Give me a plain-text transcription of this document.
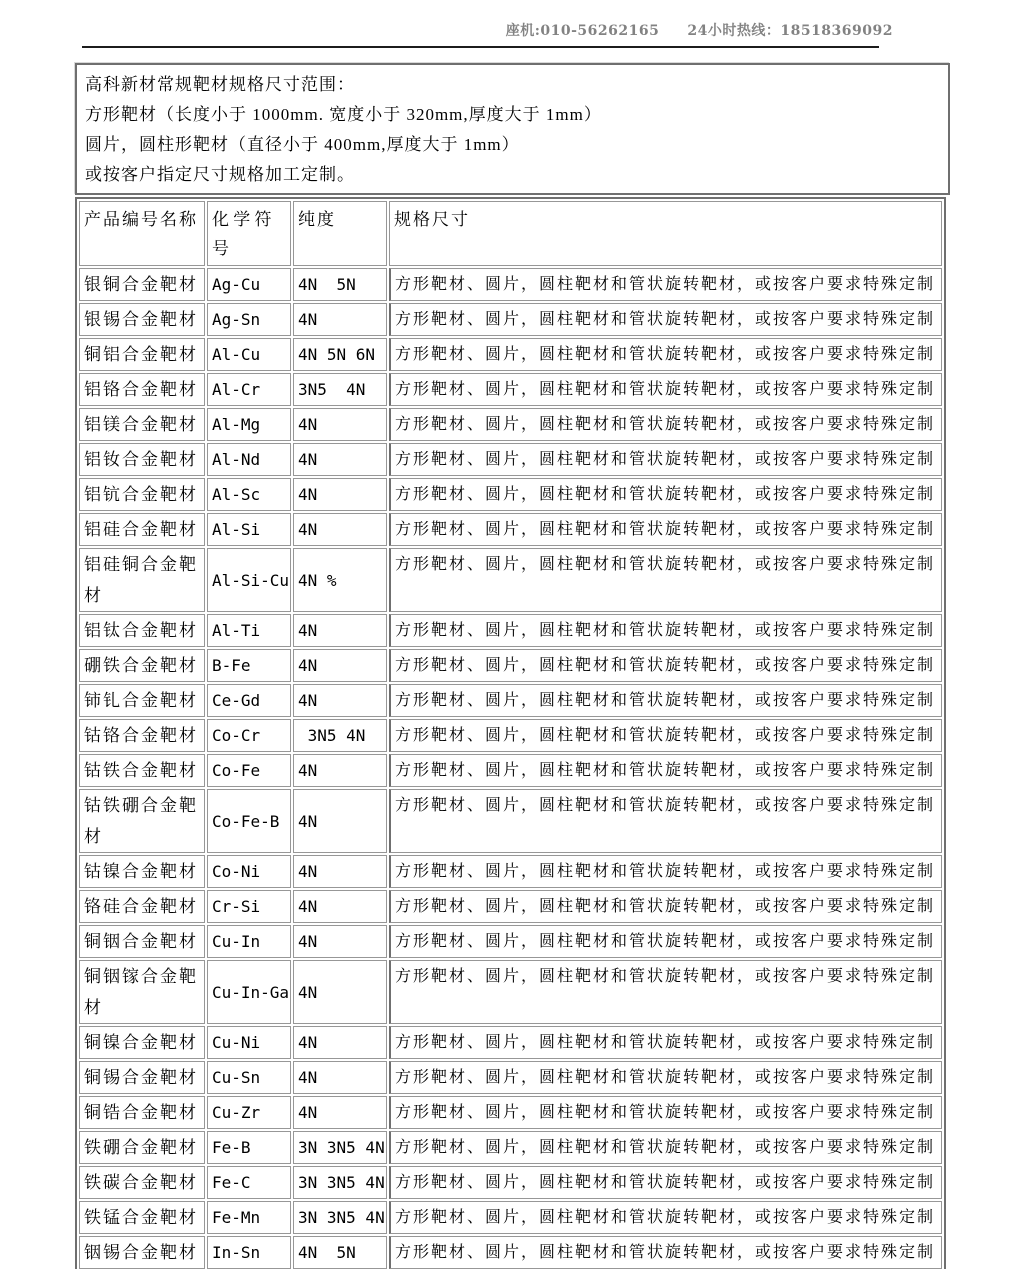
座机:010-56262165 24小时热线：18518369092

高科新材常规靶材规格尺寸范围：

方形靶材（长度小于 1000mm. 宽度小于 320mm,厚度大于 1mm）

圆片，圆柱形靶材（直径小于 400mm,厚度大于 1mm）

或按客户指定尺寸规格加工定制。

产品编号名称	化 学 符号	纯度	规格尺寸
银铜合金靶材	Ag-Cu	4N  5N	方形靶材、圆片，圆柱靶材和管状旋转靶材，或按客户要求特殊定制
银锡合金靶材	Ag-Sn	4N	方形靶材、圆片，圆柱靶材和管状旋转靶材，或按客户要求特殊定制
铜铝合金靶材	Al-Cu	4N 5N 6N	方形靶材、圆片，圆柱靶材和管状旋转靶材，或按客户要求特殊定制
铝铬合金靶材	Al-Cr	3N5  4N	方形靶材、圆片，圆柱靶材和管状旋转靶材，或按客户要求特殊定制
铝镁合金靶材	Al-Mg	4N	方形靶材、圆片，圆柱靶材和管状旋转靶材，或按客户要求特殊定制
铝钕合金靶材	Al-Nd	4N	方形靶材、圆片，圆柱靶材和管状旋转靶材，或按客户要求特殊定制
铝钪合金靶材	Al-Sc	4N	方形靶材、圆片，圆柱靶材和管状旋转靶材，或按客户要求特殊定制
铝硅合金靶材	Al-Si	4N	方形靶材、圆片，圆柱靶材和管状旋转靶材，或按客户要求特殊定制
铝硅铜合金靶材	Al-Si-Cu	4N %	方形靶材、圆片，圆柱靶材和管状旋转靶材，或按客户要求特殊定制
铝钛合金靶材	Al-Ti	4N	方形靶材、圆片，圆柱靶材和管状旋转靶材，或按客户要求特殊定制
硼铁合金靶材	B-Fe	4N	方形靶材、圆片，圆柱靶材和管状旋转靶材，或按客户要求特殊定制
铈钆合金靶材	Ce-Gd	4N	方形靶材、圆片，圆柱靶材和管状旋转靶材，或按客户要求特殊定制
钴铬合金靶材	Co-Cr	3N5 4N	方形靶材、圆片，圆柱靶材和管状旋转靶材，或按客户要求特殊定制
钴铁合金靶材	Co-Fe	4N	方形靶材、圆片，圆柱靶材和管状旋转靶材，或按客户要求特殊定制
钴铁硼合金靶材	Co-Fe-B	4N	方形靶材、圆片，圆柱靶材和管状旋转靶材，或按客户要求特殊定制
钴镍合金靶材	Co-Ni	4N	方形靶材、圆片，圆柱靶材和管状旋转靶材，或按客户要求特殊定制
铬硅合金靶材	Cr-Si	4N	方形靶材、圆片，圆柱靶材和管状旋转靶材，或按客户要求特殊定制
铜铟合金靶材	Cu-In	4N	方形靶材、圆片，圆柱靶材和管状旋转靶材，或按客户要求特殊定制
铜铟镓合金靶材	Cu-In-Ga	4N	方形靶材、圆片，圆柱靶材和管状旋转靶材，或按客户要求特殊定制
铜镍合金靶材	Cu-Ni	4N	方形靶材、圆片，圆柱靶材和管状旋转靶材，或按客户要求特殊定制
铜锡合金靶材	Cu-Sn	4N	方形靶材、圆片，圆柱靶材和管状旋转靶材，或按客户要求特殊定制
铜锆合金靶材	Cu-Zr	4N	方形靶材、圆片，圆柱靶材和管状旋转靶材，或按客户要求特殊定制
铁硼合金靶材	Fe-B	3N 3N5 4N	方形靶材、圆片，圆柱靶材和管状旋转靶材，或按客户要求特殊定制
铁碳合金靶材	Fe-C	3N 3N5 4N	方形靶材、圆片，圆柱靶材和管状旋转靶材，或按客户要求特殊定制
铁锰合金靶材	Fe-Mn	3N 3N5 4N	方形靶材、圆片，圆柱靶材和管状旋转靶材，或按客户要求特殊定制
铟锡合金靶材	In-Sn	4N  5N	方形靶材、圆片，圆柱靶材和管状旋转靶材，或按客户要求特殊定制
